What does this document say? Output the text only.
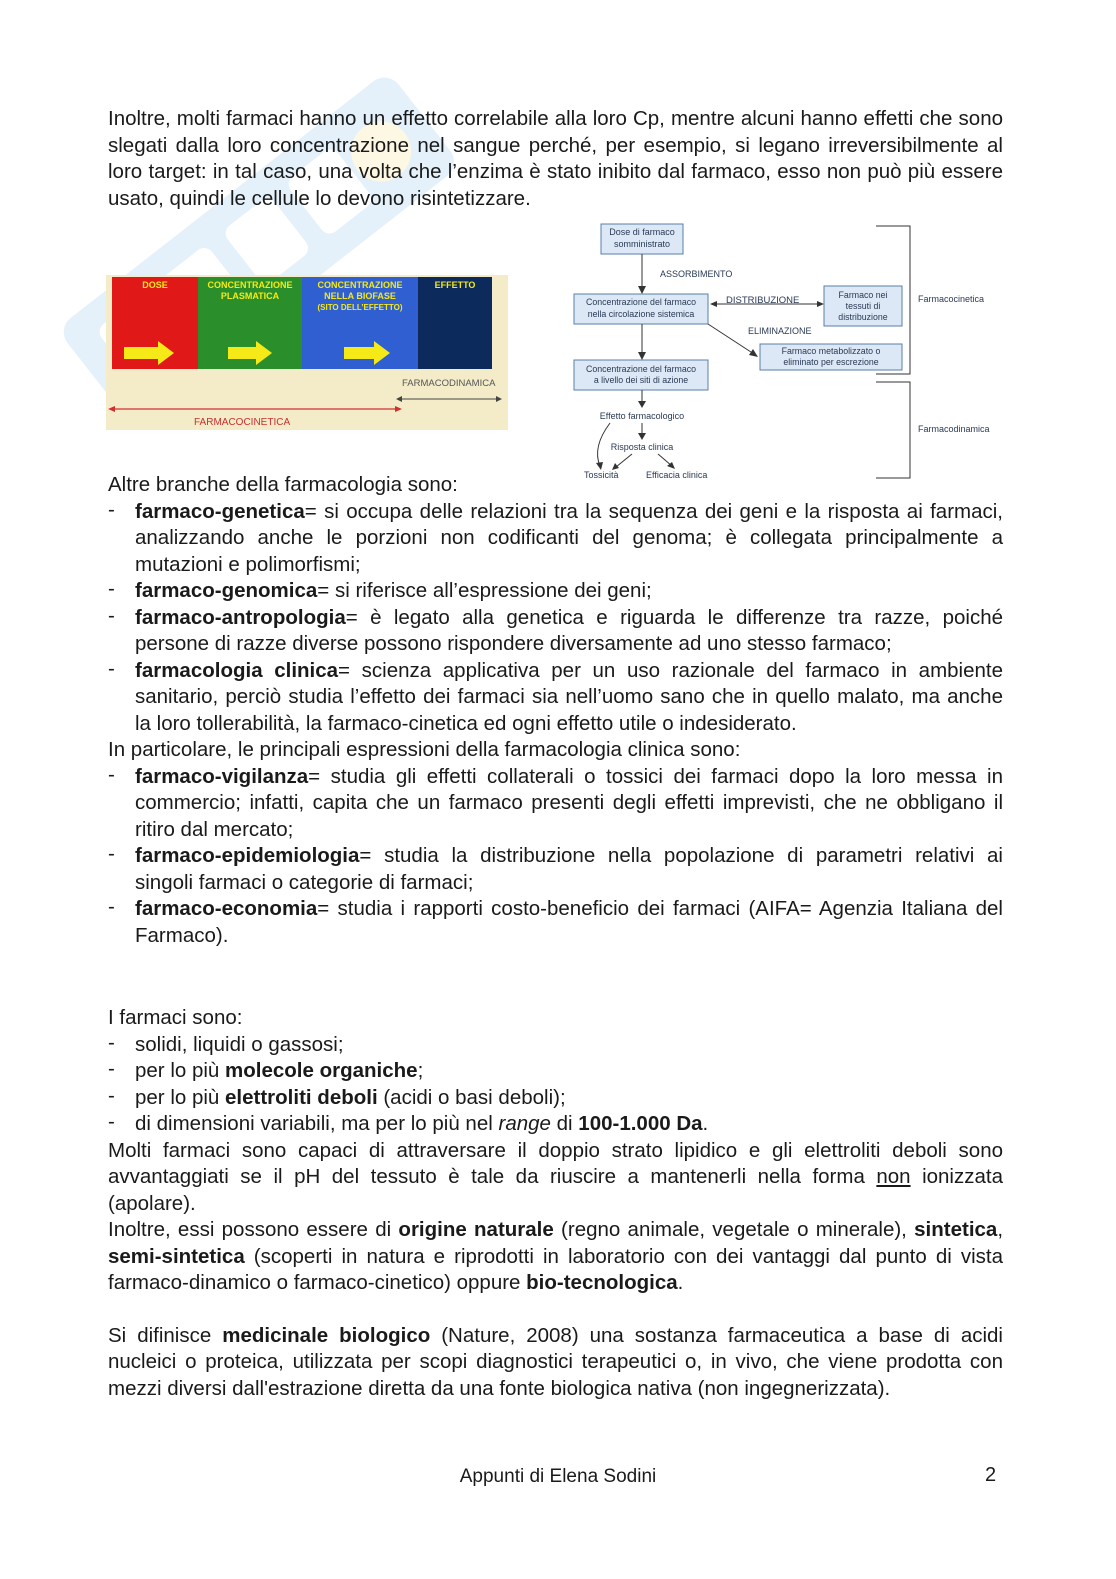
Inoltre, molti farmaci hanno un effetto correlabile alla loro Cp, mentre alcuni hanno effetti che sono slegati dalla loro concentrazione nel sangue perché, per esempio, si legano irreversibilmente al loro target: in tal caso, una volta che l’enzima è stato inibito dal farmaco, esso non può più essere usato, quindi le cellule lo devono risintetizzare.
DOSE	CONCENTRAZIONE
PLASMATICA
CONCENTRAZIONE
NELLA BIOFASE
(SITO DELL’EFFETTO)
EFFETTO
FARMACODINAMICA
FARMACOCINETICA
Dose di farmaco
somministrato
ASSORBIMENTO
Concentrazione del farmaco
nella circolazione sistemica
DISTRIBUZIONE	Farmaco nei
tessuti di
distribuzione
ELIMINAZIONE
Farmaco metabolizzato o
eliminato per escrezione
Concentrazione del farmaco
a livello dei siti di azione
Effetto farmacologico
Risposta clinica
Tossicità	Efficacia clinica
Farmacocinetica
Farmacodinamica
Altre branche della farmacologia sono:
- farmaco-genetica= si occupa delle relazioni tra la sequenza dei geni e la risposta ai farmaci, analizzando anche le porzioni non codificanti del genoma; è collegata principalmente a mutazioni e polimorfismi;
- farmaco-genomica= si riferisce all’espressione dei geni;
- farmaco-antropologia= è legato alla genetica e riguarda le differenze tra razze, poiché persone di razze diverse possono rispondere diversamente ad uno stesso farmaco;
- farmacologia clinica= scienza applicativa per un uso razionale del farmaco in ambiente sanitario, perciò studia l’effetto dei farmaci sia nell’uomo sano che in quello malato, ma anche la loro tollerabilità, la farmaco-cinetica ed ogni effetto utile o indesiderato.
In particolare, le principali espressioni della farmacologia clinica sono:
- farmaco-vigilanza= studia gli effetti collaterali o tossici dei farmaci dopo la loro messa in commercio; infatti, capita che un farmaco presenti degli effetti imprevisti, che ne obbligano il ritiro dal mercato;
- farmaco-epidemiologia= studia la distribuzione nella popolazione di parametri relativi ai singoli farmaci o categorie di farmaci;
- farmaco-economia= studia i rapporti costo-beneficio dei farmaci (AIFA= Agenzia Italiana del Farmaco).
I farmaci sono:
- solidi, liquidi o gassosi;
- per lo più molecole organiche;
- per lo più elettroliti deboli (acidi o basi deboli);
- di dimensioni variabili, ma per lo più nel range di 100-1.000 Da.
Molti farmaci sono capaci di attraversare il doppio strato lipidico e gli elettroliti deboli sono avvantaggiati se il pH del tessuto è tale da riuscire a mantenerli nella forma non ionizzata (apolare).
Inoltre, essi possono essere di origine naturale (regno animale, vegetale o minerale), sintetica, semi-sintetica (scoperti in natura e riprodotti in laboratorio con dei vantaggi dal punto di vista farmaco-dinamico o farmaco-cinetico) oppure bio-tecnologica.
Si difinisce medicinale biologico (Nature, 2008) una sostanza farmaceutica a base di acidi nucleici o proteica, utilizzata per scopi diagnostici terapeutici o, in vivo, che viene prodotta con mezzi diversi dall'estrazione diretta da una fonte biologica nativa (non ingegnerizzata).
Appunti di Elena Sodini	2
